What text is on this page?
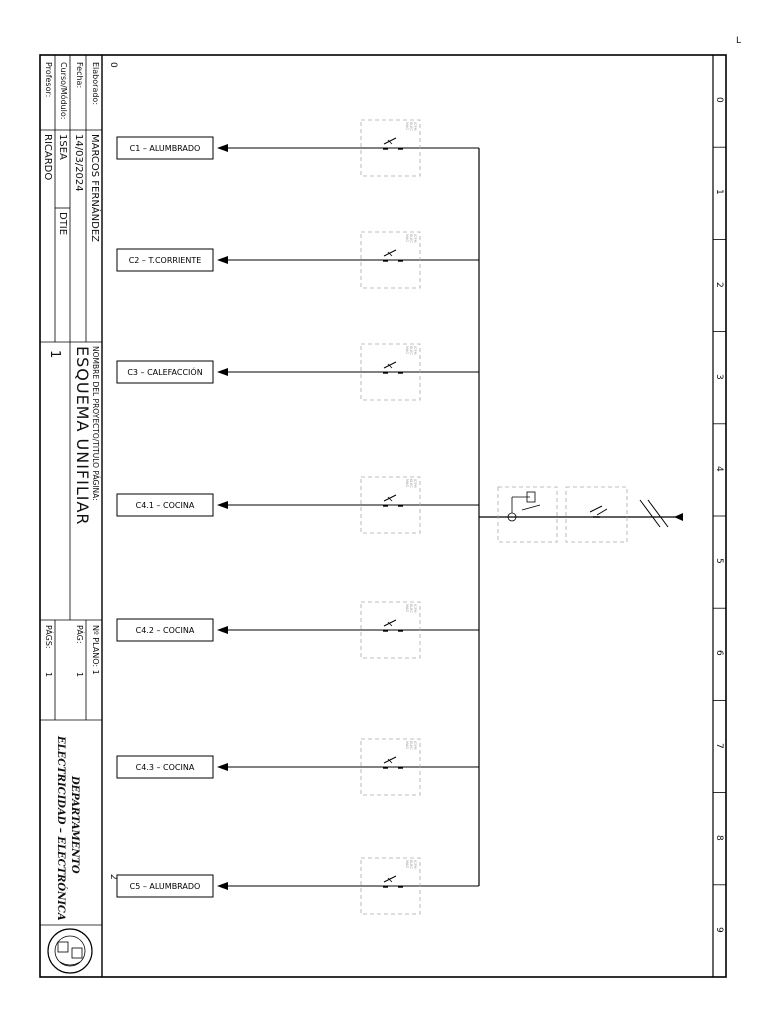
C1 – ALUMBRADO
MAG ELEC ICPM
C2 – T.CORRIENTE
MAG ELEC ICPM
C3 – CALEFACCIÓN
MAG ELEC ICPM
C4.1 – COCINA
MAG ELEC ICPM
C4.2 – COCINA
MAG ELEC ICPM
C4.3 – COCINA
MAG ELEC ICPM
C5 – ALUMBRADO
MAG ELEC ICPM
0
2
L
0
1
2
3
4
5
6
7
8
9
Elaborado:
MARCOS FERNÁNDEZ
Fecha:
14/03/2024
Curso/Módulo:
1SEA
DTIE
Profesor:
RICARDO
NOMBRE DEL PROYECTO/TITULO PÁGINA:
ESQUEMA UNIFILIAR
1
Nº PLANO: 1
PÁG:
1
PÁGS:
1
DEPARTAMENTO
ELECTRICIDAD – ELECTRÓNICA
